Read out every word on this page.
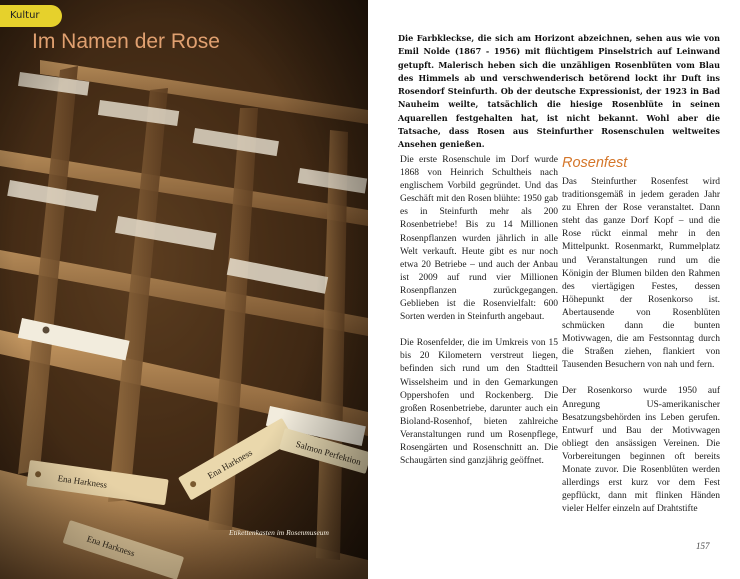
Kultur
Im Namen der Rose
Etikettenkasten im Rosenmuseum

Die Farbkleckse, die sich am Horizont abzeichnen, sehen aus wie von Emil Nolde (1867 - 1956) mit flüchtigem Pinselstrich auf Leinwand getupft. Malerisch heben sich die unzähligen Rosenblüten vom Blau des Himmels ab und verschwenderisch betörend lockt ihr Duft ins Rosendorf Steinfurth. Ob der deutsche Expressionist, der 1923 in Bad Nauheim weilte, tatsächlich die hiesige Rosenblüte in seinen Aquarellen festgehalten hat, ist nicht bekannt. Wohl aber die Tatsache, dass Rosen aus Steinfurther Rosenschulen weltweites Ansehen genießen.

Die erste Rosenschule im Dorf wurde 1868 von Heinrich Schultheis nach englischem Vorbild gegründet. Und das Geschäft mit den Rosen blühte: 1950 gab es in Steinfurth mehr als 200 Rosenbetriebe! Bis zu 14 Millionen Rosenpflanzen wurden jährlich in alle Welt verkauft. Heute gibt es nur noch etwa 20 Betriebe – und auch der Anbau ist 2009 auf rund vier Millionen Rosenpflanzen zurückgegangen. Geblieben ist die Rosenvielfalt: 600 Sorten werden in Steinfurth angebaut.

Die Rosenfelder, die im Umkreis von 15 bis 20 Kilometern verstreut liegen, befinden sich rund um den Stadtteil Wisselsheim und in den Gemarkungen Oppershofen und Rockenberg. Die großen Rosenbetriebe, darunter auch ein Bioland-Rosenhof, bieten zahlreiche Veranstaltungen rund um Rosenpflege, Rosengärten und Rosenschnitt an. Die Schaugärten sind ganzjährig geöffnet.

Rosenfest

Das Steinfurther Rosenfest wird traditionsgemäß in jedem geraden Jahr zu Ehren der Rose veranstaltet. Dann steht das ganze Dorf Kopf – und die Rose rückt einmal mehr in den Mittelpunkt. Rosenmarkt, Rummelplatz und Veranstaltungen rund um die Königin der Blumen bilden den Rahmen des viertägigen Festes, dessen Höhepunkt der Rosenkorso ist. Abertausende von Rosenblüten schmücken dann die bunten Motivwagen, die am Festsonntag durch die Straßen ziehen, flankiert von Tausenden Besuchern von nah und fern.

Der Rosenkorso wurde 1950 auf Anregung US-amerikanischer Besatzungsbehörden ins Leben gerufen. Entwurf und Bau der Motivwagen obliegt den ansässigen Vereinen. Die Vorbereitungen beginnen oft bereits Monate zuvor. Die Rosenblüten werden allerdings erst kurz vor dem Fest gepflückt, dann mit flinken Händen vieler Helfer einzeln auf Drahtstifte

157
